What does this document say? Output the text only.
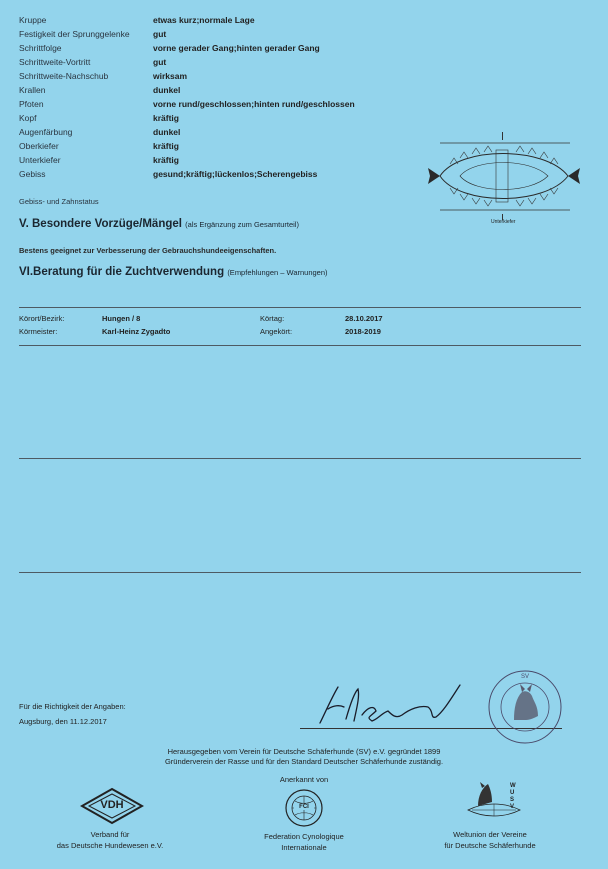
Kruppe	etwas kurz;normale Lage
Festigkeit der Sprunggelenke	gut
Schrittfolge	vorne gerader Gang;hinten gerader Gang
Schrittweite-Vortritt	gut
Schrittweite-Nachschub	wirksam
Krallen	dunkel
Pfoten	vorne rund/geschlossen;hinten rund/geschlossen
Kopf	kräftig
Augenfärbung	dunkel
Oberkiefer	kräftig
Unterkiefer	kräftig
Gebiss	gesund;kräftig;lückenlos;Scherengebiss
Gebiss- und Zahnstatus
Unterkiefer
V. Besondere Vorzüge/Mängel (als Ergänzung zum Gesamturteil)
Bestens geeignet zur Verbesserung der Gebrauchshundeeigenschaften.
VI.Beratung für die Zuchtverwendung (Empfehlungen – Warnungen)
Körort/Bezirk:	Hungen / 8	Körtag:	28.10.2017
Körmeister:	Karl-Heinz Zygadto	Angekört:	2018-2019
Für die Richtigkeit der Angaben:
Augsburg, den 11.12.2017
SV
Herausgegeben vom Verein für Deutsche Schäferhunde (SV) e.V. gegründet 1899
Gründerverein der Rasse und für den Standard Deutscher Schäferhunde zuständig.
Anerkannt von
VDH
Verband für
das Deutsche Hundewesen e.V.
FCI
Federation Cynologique
Internationale
W
U
S
V
Weltunion der Vereine
für Deutsche Schäferhunde
